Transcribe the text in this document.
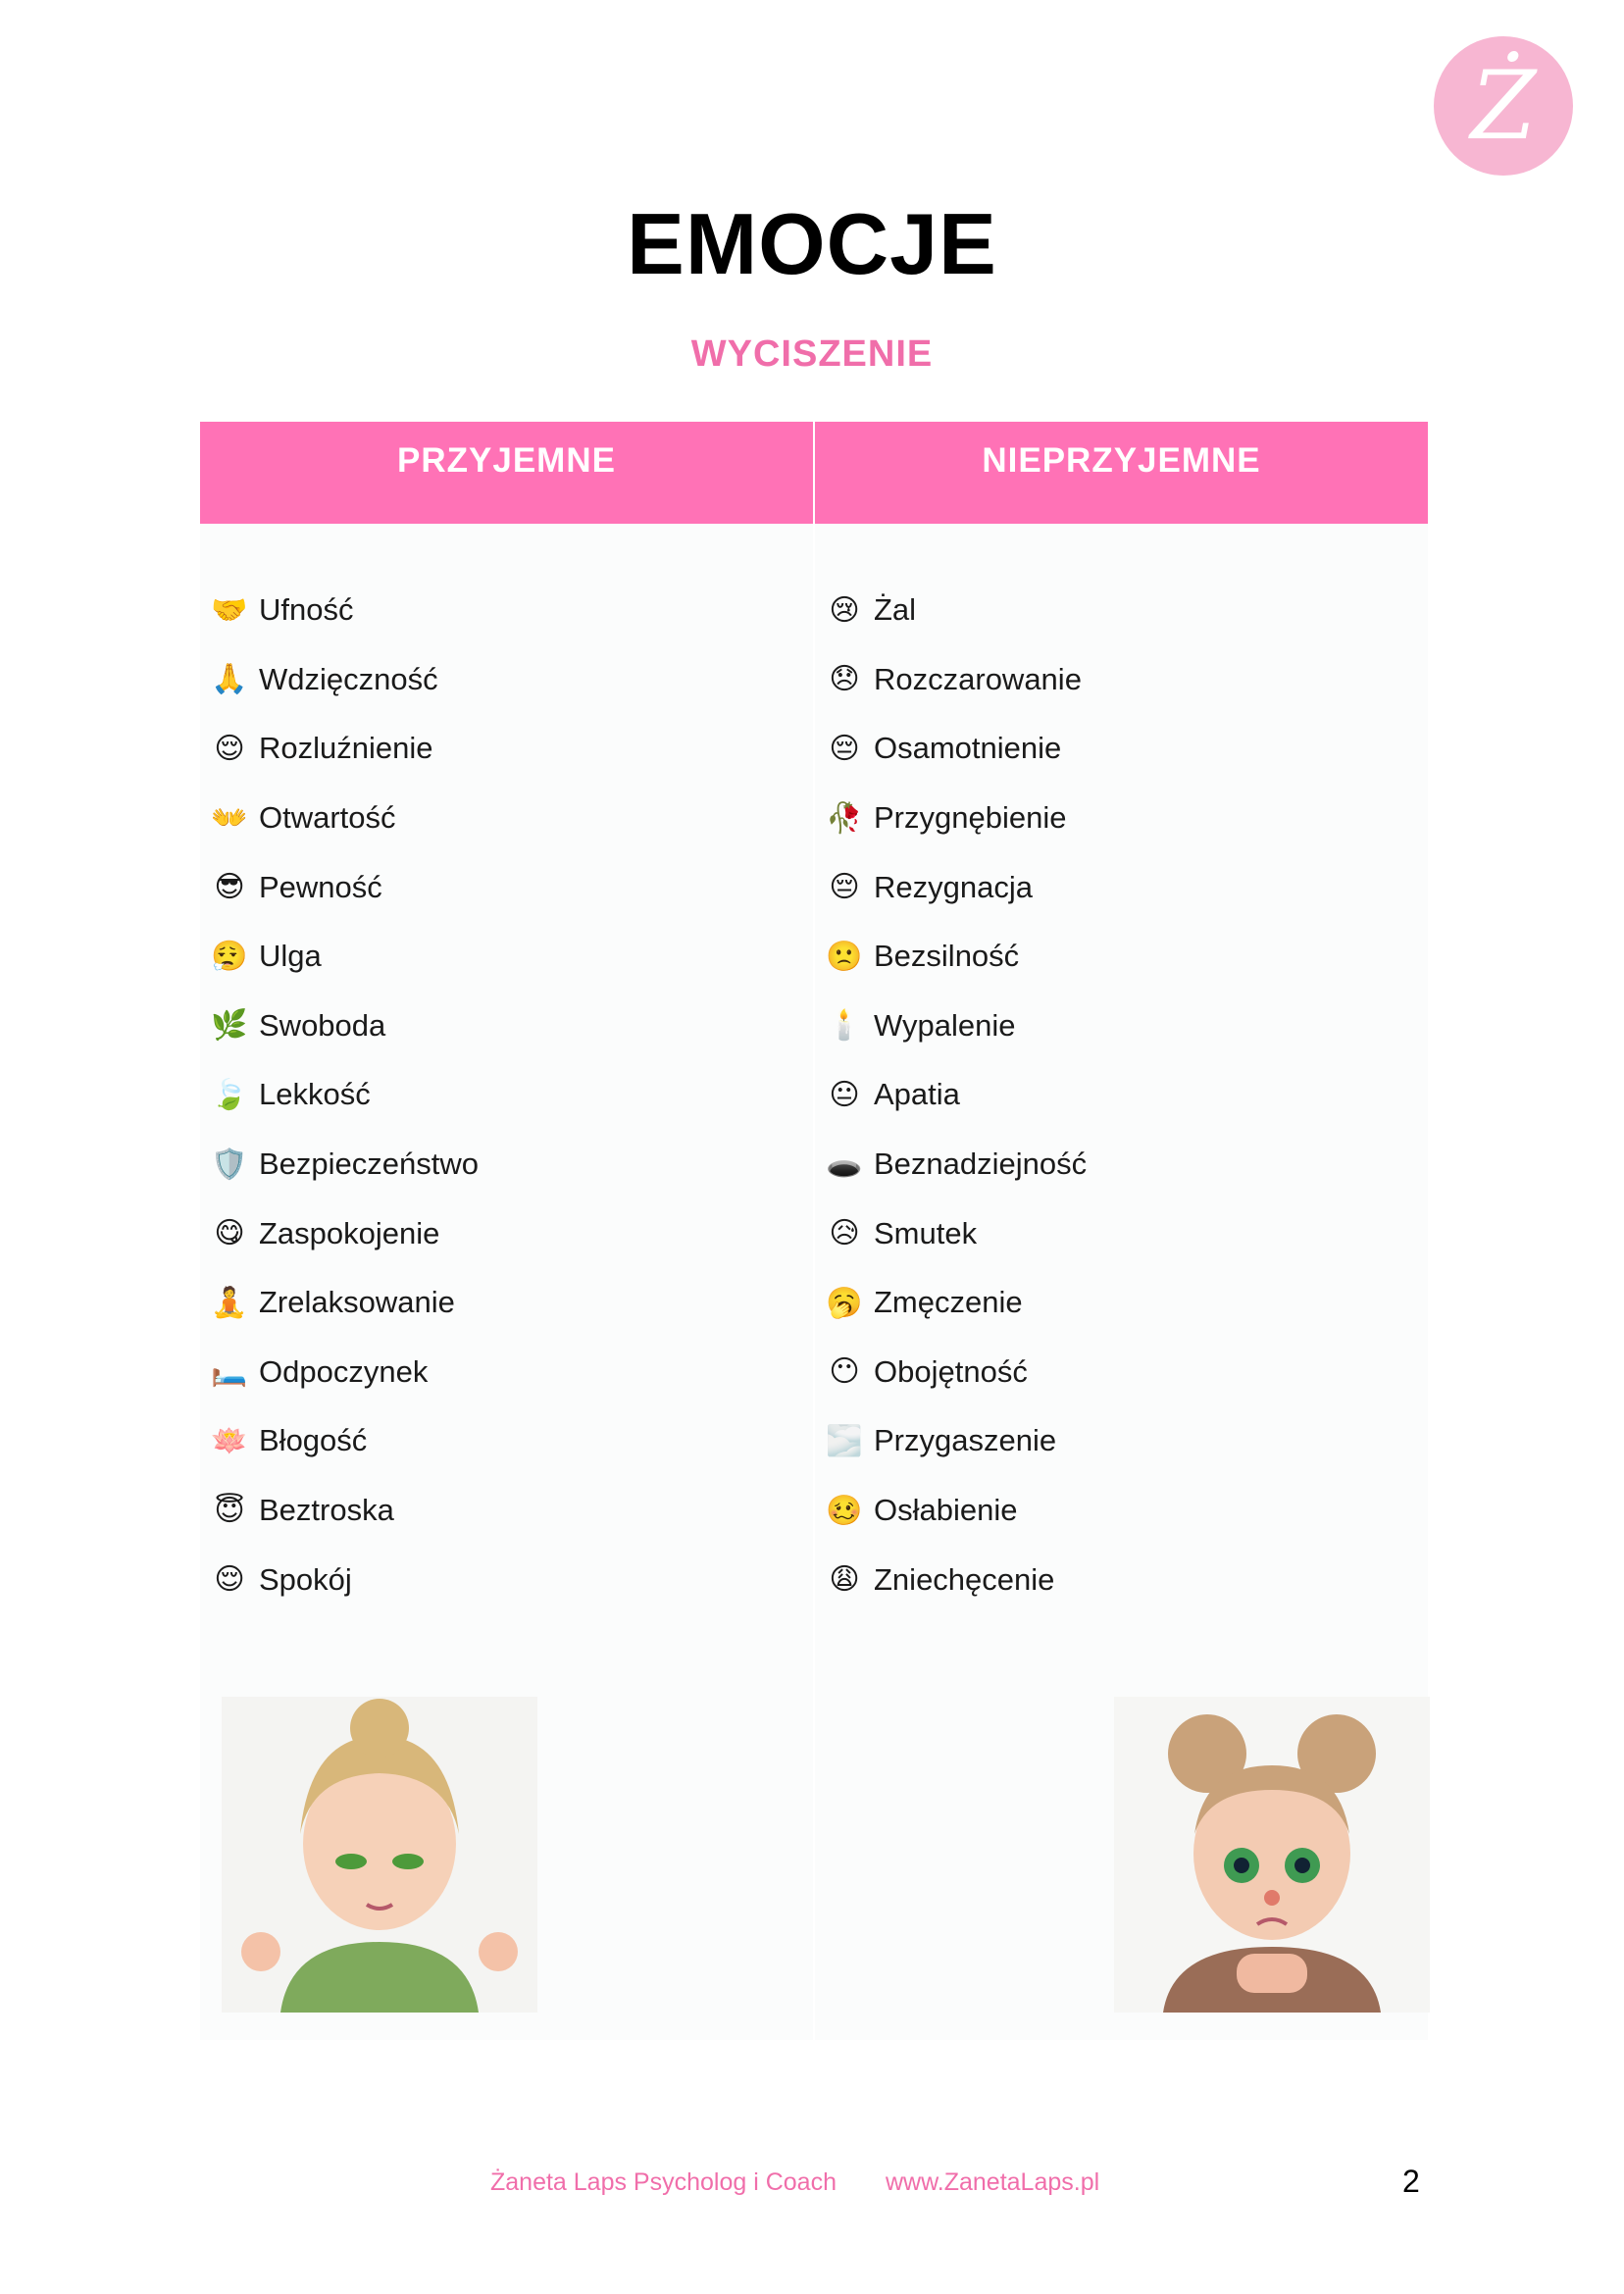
Ż
EMOCJE
WYCISZENIE
PRZYJEMNE
🤝 Ufność
🙏 Wdzięczność
😌 Rozluźnienie
👐 Otwartość
😎 Pewność
😮‍💨 Ulga
🌿 Swoboda
🍃 Lekkość
🛡️ Bezpieczeństwo
😋 Zaspokojenie
🧘 Zrelaksowanie
🛏️ Odpoczynek
🪷 Błogość
😇 Beztroska
😌 Spokój
NIEPRZYJEMNE
😢 Żal
😞 Rozczarowanie
😔 Osamotnienie
🥀 Przygnębienie
😔 Rezygnacja
🙁 Bezsilność
🕯️ Wypalenie
😐 Apatia
🕳️ Beznadziejność
😥 Smutek
🥱 Zmęczenie
😶 Obojętność
🌫️ Przygaszenie
🥴 Osłabienie
😩 Zniechęcenie
Żaneta Laps Psycholog i Coach www.ZanetaLaps.pl	2
